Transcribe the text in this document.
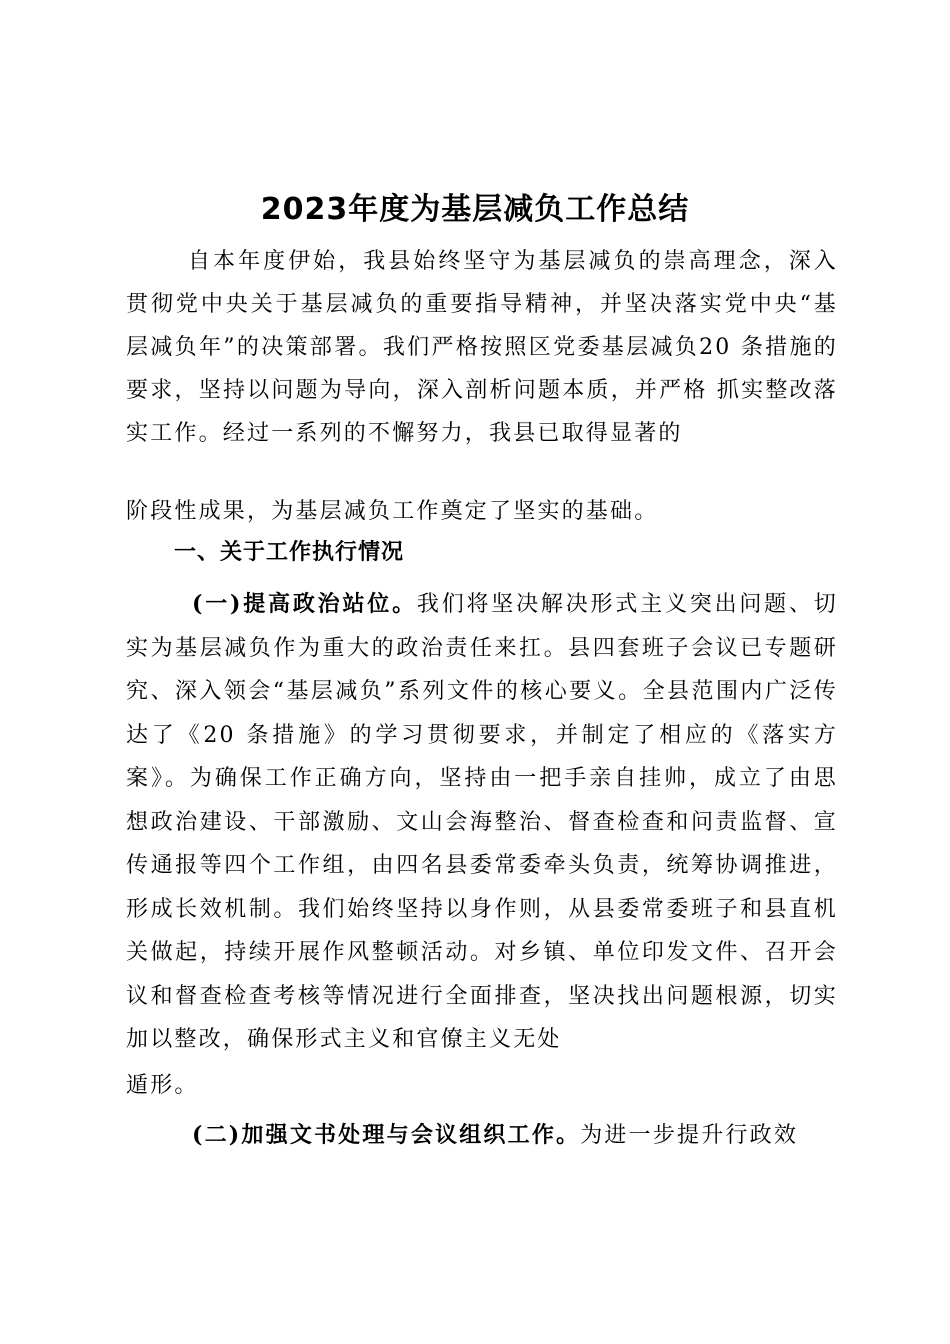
2023年度为基层减负工作总结

自本年度伊始，我县始终坚守为基层减负的崇高理念，深入贯彻党中央关于基层减负的重要指导精神，并坚决落实党中央“基层减负年”的决策部署。我们严格按照区党委基层减负20 条措施的要求，坚持以问题为导向，深入剖析问题本质，并严格 抓实整改落实工作。经过一系列的不懈努力，我县已取得显著的

阶段性成果，为基层减负工作奠定了坚实的基础。

一、关于工作执行情况

(一)提高政治站位。我们将坚决解决形式主义突出问题、切实为基层减负作为重大的政治责任来扛。县四套班子会议已专题研究、深入领会“基层减负”系列文件的核心要义。全县范围内广泛传达了《20 条措施》的学习贯彻要求，并制定了相应的《落实方案》。为确保工作正确方向，坚持由一把手亲自挂帅，成立了由思想政治建设、干部激励、文山会海整治、督查检查和问责监督、宣传通报等四个工作组，由四名县委常委牵头负责，统筹协调推进，形成长效机制。我们始终坚持以身作则，从县委常委班子和县直机关做起，持续开展作风整顿活动。对乡镇、单位印发文件、召开会议和督查检查考核等情况进行全面排查，坚决找出问题根源，切实加以整改，确保形式主义和官僚主义无处

遁形。

(二)加强文书处理与会议组织工作。为进一步提升行政效
